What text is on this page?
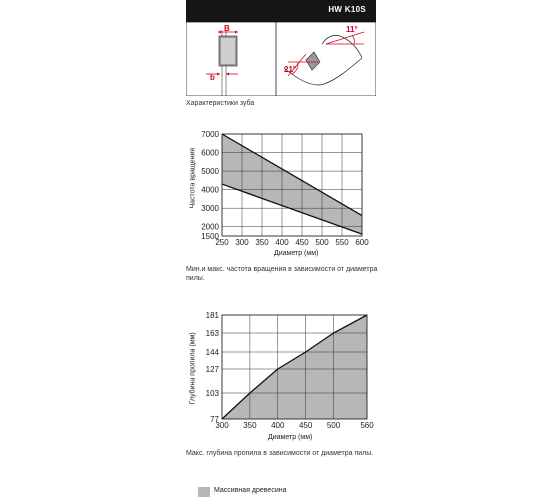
HW K10S
B
b
21°
11°
Характеристики зуба
250 300 350 400 450 500 550 600
1500
2000
3000
4000
5000
6000
7000
Частота вращения
Диаметр (мм)
Мин.и макс. частота вращения в зависимости от диаметра пилы.
300 350 400 450 500	560
77
103
127
144
163
181
Глубина пропила (мм)
Диаметр (мм)
Макс. глубина пропила в зависимости от диаметра пилы.
Массивная древесина
